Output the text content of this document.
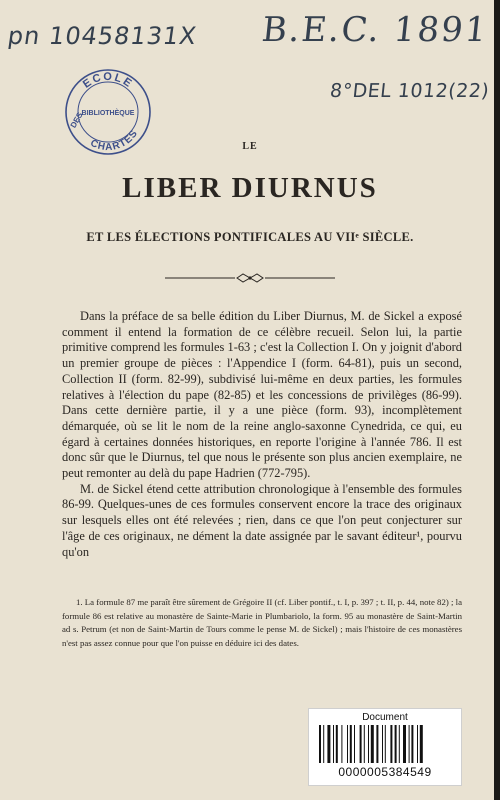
pn 10458131X B.E.C. 1891
8°DEL 1012(22)
ECOLE
BIBLIOTHÈQUE
DES
CHARTES
LE
LIBER DIURNUS
ET LES ÉLECTIONS PONTIFICALES AU VIIᵉ SIÈCLE.

Dans la préface de sa belle édition du Liber Diurnus, M. de Sickel a exposé comment il entend la formation de ce célèbre recueil. Selon lui, la partie primitive comprend les formules 1-63 ; c'est la Collection I. On y joignit d'abord un premier groupe de pièces : l'Appendice I (form. 64-81), puis un second, Collection II (form. 82-99), subdivisé lui-même en deux parties, les formules relatives à l'élection du pape (82-85) et les concessions de privilèges (86-99). Dans cette dernière partie, il y a une pièce (form. 93), incomplètement démarquée, où se lit le nom de la reine anglo-saxonne Cynedrida, ce qui, eu égard à certaines données historiques, en reporte l'origine à l'année 786. Il est donc sûr que le Diurnus, tel que nous le présente son plus ancien exemplaire, ne peut remonter au delà du pape Hadrien (772-795).

M. de Sickel étend cette attribution chronologique à l'ensemble des formules 86-99. Quelques-unes de ces formules conservent encore la trace des originaux sur lesquels elles ont été relevées ; rien, dans ce que l'on peut conjecturer sur l'âge de ces originaux, ne dément la date assignée par le savant éditeur¹, pourvu qu'on

1. La formule 87 me paraît être sûrement de Grégoire II (cf. Liber pontif., t. I, p. 397 ; t. II, p. 44, note 82) ; la formule 86 est relative au monastère de Sainte-Marie in Plumbariolo, la form. 95 au monastère de Saint-Martin ad s. Petrum (et non de Saint-Martin de Tours comme le pense M. de Sickel) ; mais l'histoire de ces monastères n'est pas assez connue pour que l'on puisse en déduire ici des dates.

Document
0000005384549
